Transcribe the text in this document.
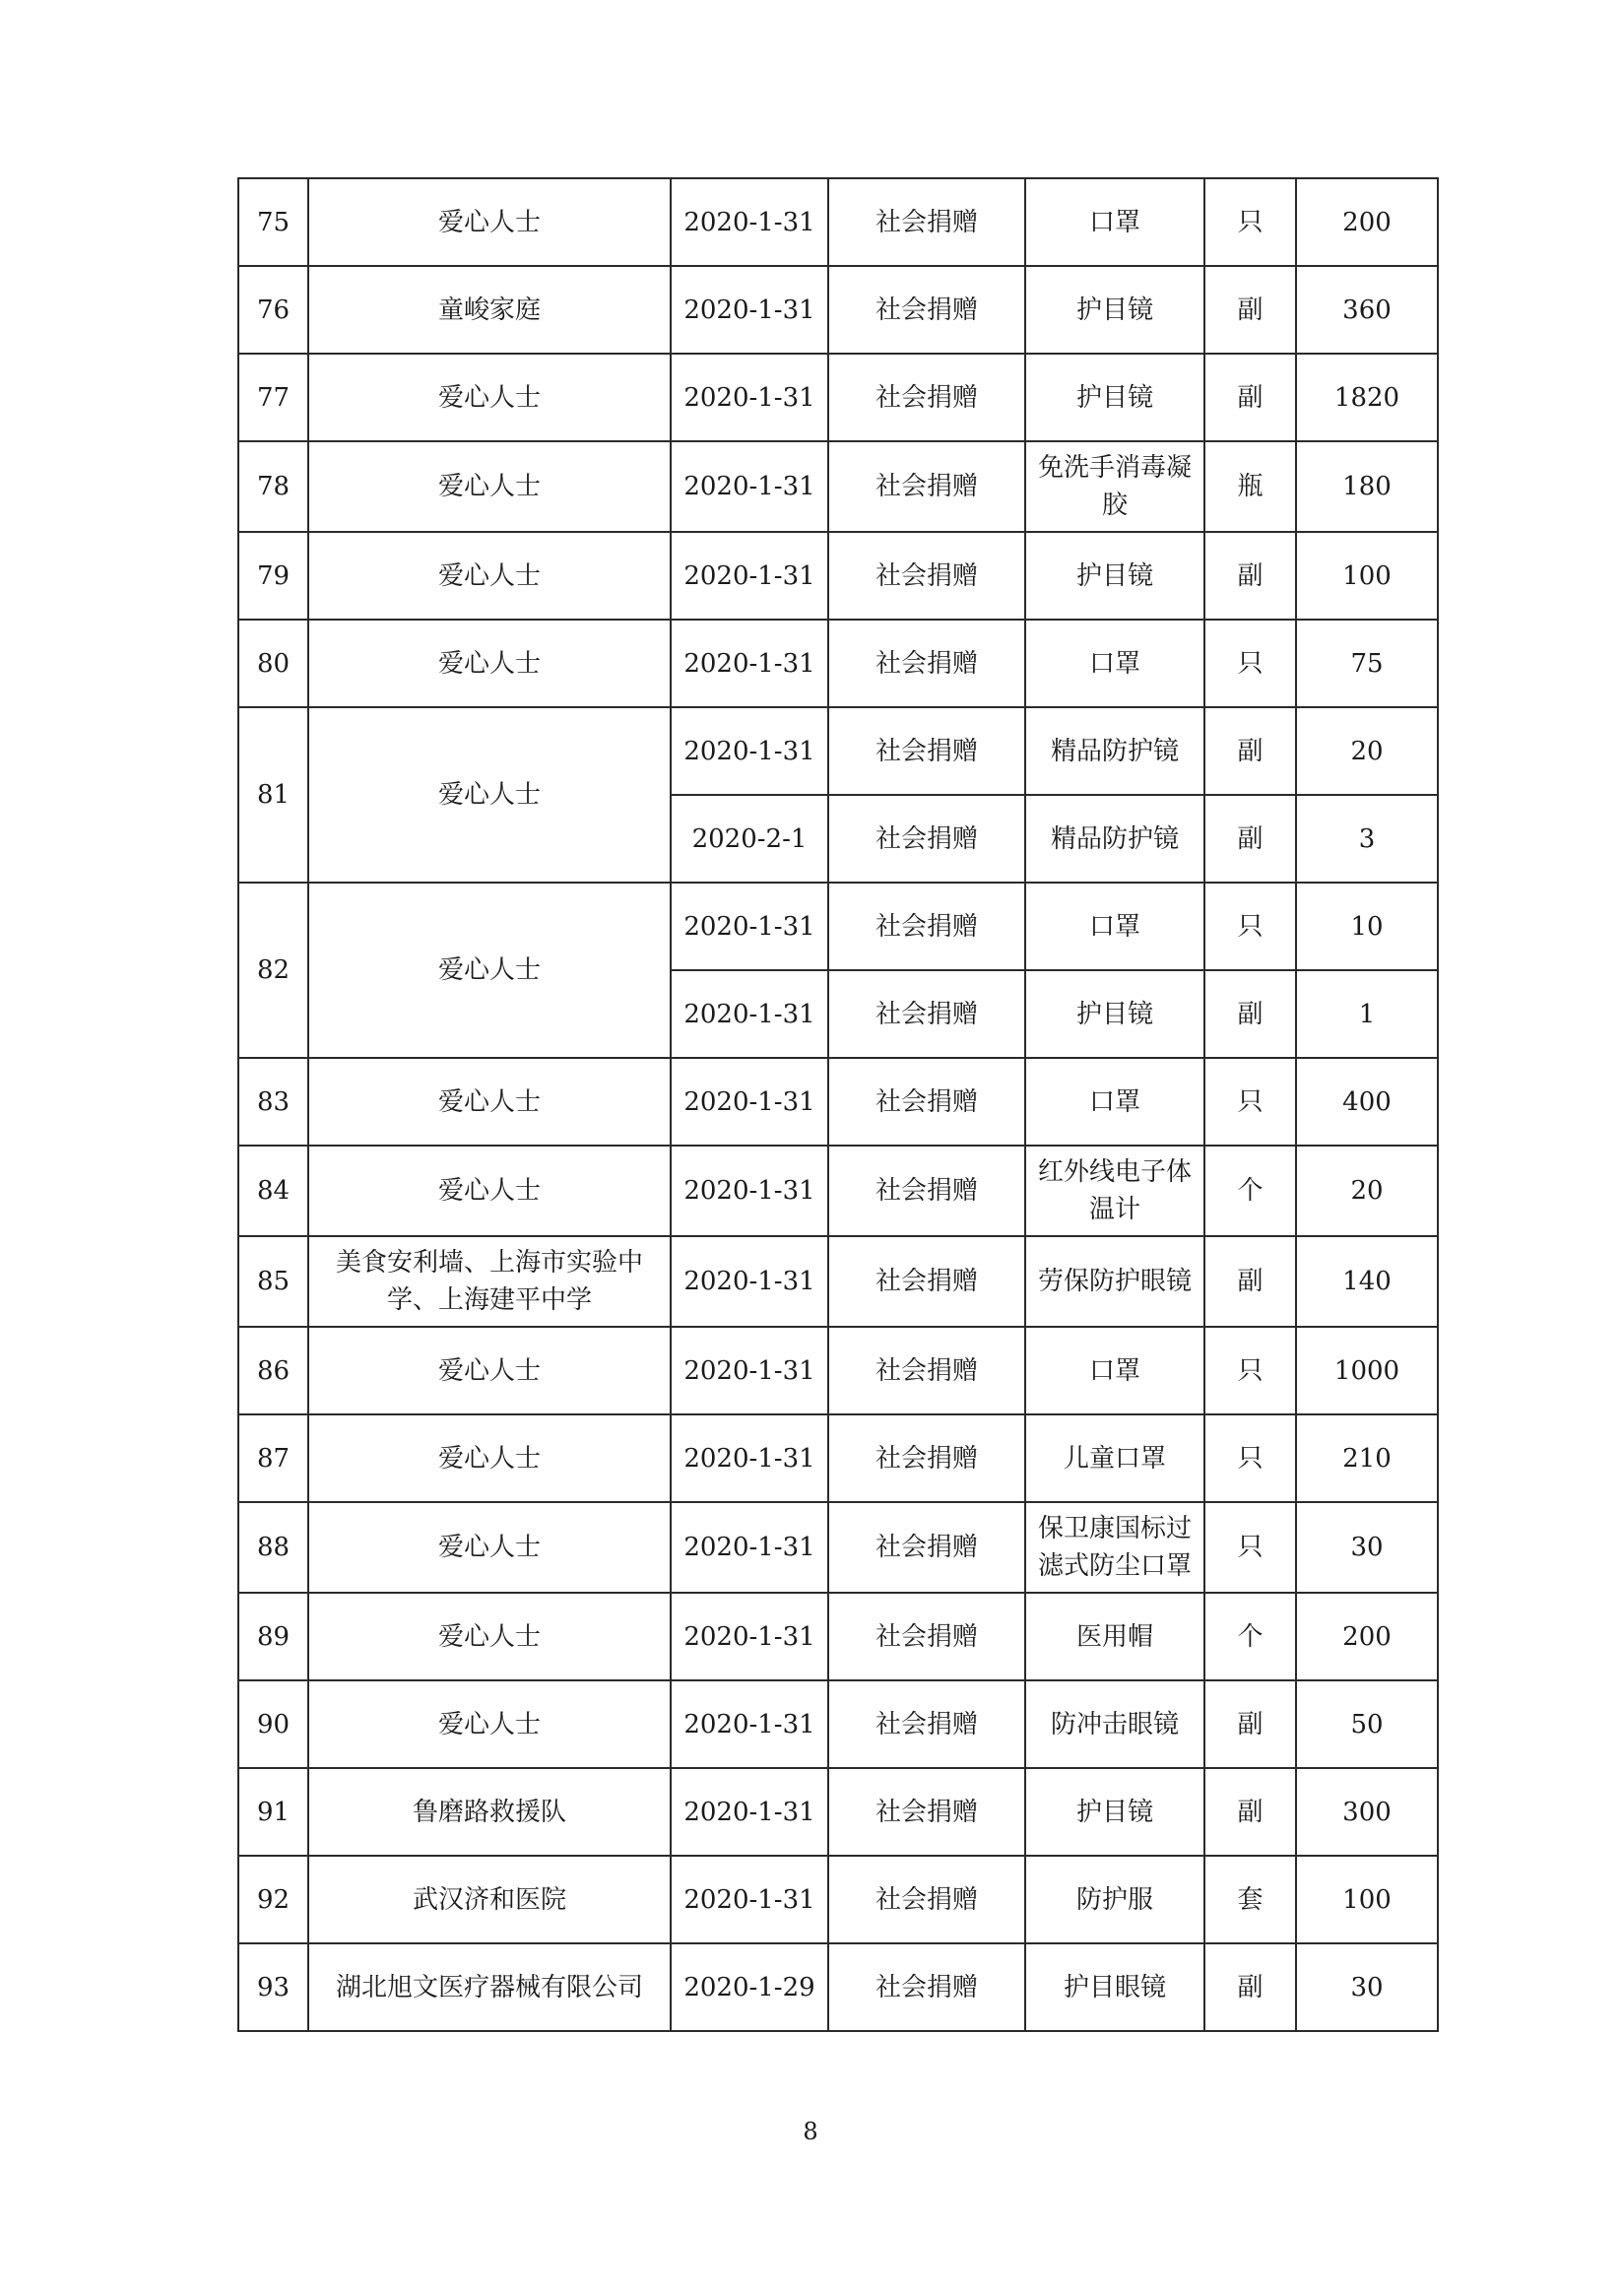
75	爱心人士	2020-1-31	社会捐赠	口罩	只	200
76	童峻家庭	2020-1-31	社会捐赠	护目镜	副	360
77	爱心人士	2020-1-31	社会捐赠	护目镜	副	1820
78	爱心人士	2020-1-31	社会捐赠	免洗手消毒凝胶	瓶	180
79	爱心人士	2020-1-31	社会捐赠	护目镜	副	100
80	爱心人士	2020-1-31	社会捐赠	口罩	只	75
81	爱心人士	2020-1-31	社会捐赠	精品防护镜	副	20
		2020-2-1	社会捐赠	精品防护镜	副	3
82	爱心人士	2020-1-31	社会捐赠	口罩	只	10
		2020-1-31	社会捐赠	护目镜	副	1
83	爱心人士	2020-1-31	社会捐赠	口罩	只	400
84	爱心人士	2020-1-31	社会捐赠	红外线电子体温计	个	20
85	美食安利墙、上海市实验中学、上海建平中学	2020-1-31	社会捐赠	劳保防护眼镜	副	140
86	爱心人士	2020-1-31	社会捐赠	口罩	只	1000
87	爱心人士	2020-1-31	社会捐赠	儿童口罩	只	210
88	爱心人士	2020-1-31	社会捐赠	保卫康国标过滤式防尘口罩	只	30
89	爱心人士	2020-1-31	社会捐赠	医用帽	个	200
90	爱心人士	2020-1-31	社会捐赠	防冲击眼镜	副	50
91	鲁磨路救援队	2020-1-31	社会捐赠	护目镜	副	300
92	武汉济和医院	2020-1-31	社会捐赠	防护服	套	100
93	湖北旭文医疗器械有限公司	2020-1-29	社会捐赠	护目眼镜	副	30
8
